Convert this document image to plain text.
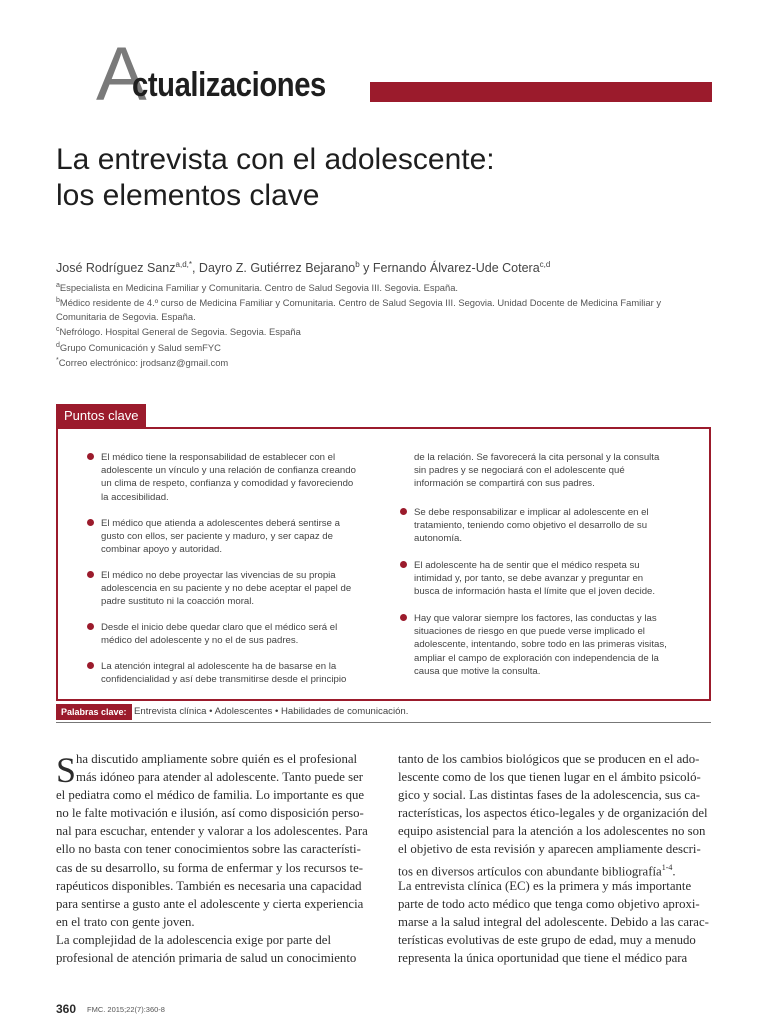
A
ctualizaciones
La entrevista con el adolescente:
los elementos clave
José Rodríguez Sanz$^{a,d,*}$, Dayro Z. Gutiérrez Bejarano$^b$ y Fernando Álvarez-Ude Cotera$^{c,d}$
$^a$Especialista en Medicina Familiar y Comunitaria. Centro de Salud Segovia III. Segovia. España.
$^b$Médico residente de 4.º curso de Medicina Familiar y Comunitaria. Centro de Salud Segovia III. Segovia. Unidad Docente de Medicina Familiar y
Comunitaria de Segovia. España.
$^c$Nefrólogo. Hospital General de Segovia. Segovia. España
$^d$Grupo Comunicación y Salud semFYC
*Correo electrónico: jrodsanz@gmail.com
Puntos clave
El médico tiene la responsabilidad de establecer con el
adolescente un vínculo y una relación de confianza creando
un clima de respeto, confianza y comodidad y favoreciendo
la accesibilidad.
El médico que atienda a adolescentes deberá sentirse a
gusto con ellos, ser paciente y maduro, y ser capaz de
combinar apoyo y autoridad.
El médico no debe proyectar las vivencias de su propia
adolescencia en su paciente y no debe aceptar el papel de
padre sustituto ni la coacción moral.
Desde el inicio debe quedar claro que el médico será el
médico del adolescente y no el de sus padres.
La atención integral al adolescente ha de basarse en la
confidencialidad y así debe transmitirse desde el principio
de la relación. Se favorecerá la cita personal y la consulta
sin padres y se negociará con el adolescente qué
información se compartirá con sus padres.
Se debe responsabilizar e implicar al adolescente en el
tratamiento, teniendo como objetivo el desarrollo de su
autonomía.
El adolescente ha de sentir que el médico respeta su
intimidad y, por tanto, se debe avanzar y preguntar en
busca de información hasta el límite que el joven decide.
Hay que valorar siempre los factores, las conductas y las
situaciones de riesgo en que puede verse implicado el
adolescente, intentando, sobre todo en las primeras visitas,
ampliar el campo de exploración con independencia de la
causa que motive la consulta.
Palabras clave: Entrevista clínica • Adolescentes • Habilidades de comunicación.
S ha discutido ampliamente sobre quién es el profesional
más idóneo para atender al adolescente. Tanto puede ser
el pediatra como el médico de familia. Lo importante es que
no le falte motivación e ilusión, así como disposición perso-
nal para escuchar, entender y valorar a los adolescentes. Para
ello no basta con tener conocimientos sobre las característi-
cas de su desarrollo, su forma de enfermar y los recursos te-
rapéuticos disponibles. También es necesaria una capacidad
para sentirse a gusto ante el adolescente y cierta experiencia
en el trato con gente joven.
La complejidad de la adolescencia exige por parte del
profesional de atención primaria de salud un conocimiento
tanto de los cambios biológicos que se producen en el ado-
lescente como de los que tienen lugar en el ámbito psicoló-
gico y social. Las distintas fases de la adolescencia, sus ca-
racterísticas, los aspectos ético-legales y de organización del
equipo asistencial para la atención a los adolescentes no son
el objetivo de esta revisión y aparecen ampliamente descri-
tos en diversos artículos con abundante bibliografía$^{1-4}$.
La entrevista clínica (EC) es la primera y más importante
parte de todo acto médico que tenga como objetivo aproxi-
marse a la salud integral del adolescente. Debido a las carac-
terísticas evolutivas de este grupo de edad, muy a menudo
representa la única oportunidad que tiene el médico para
360 FMC. 2015;22(7):360-8
